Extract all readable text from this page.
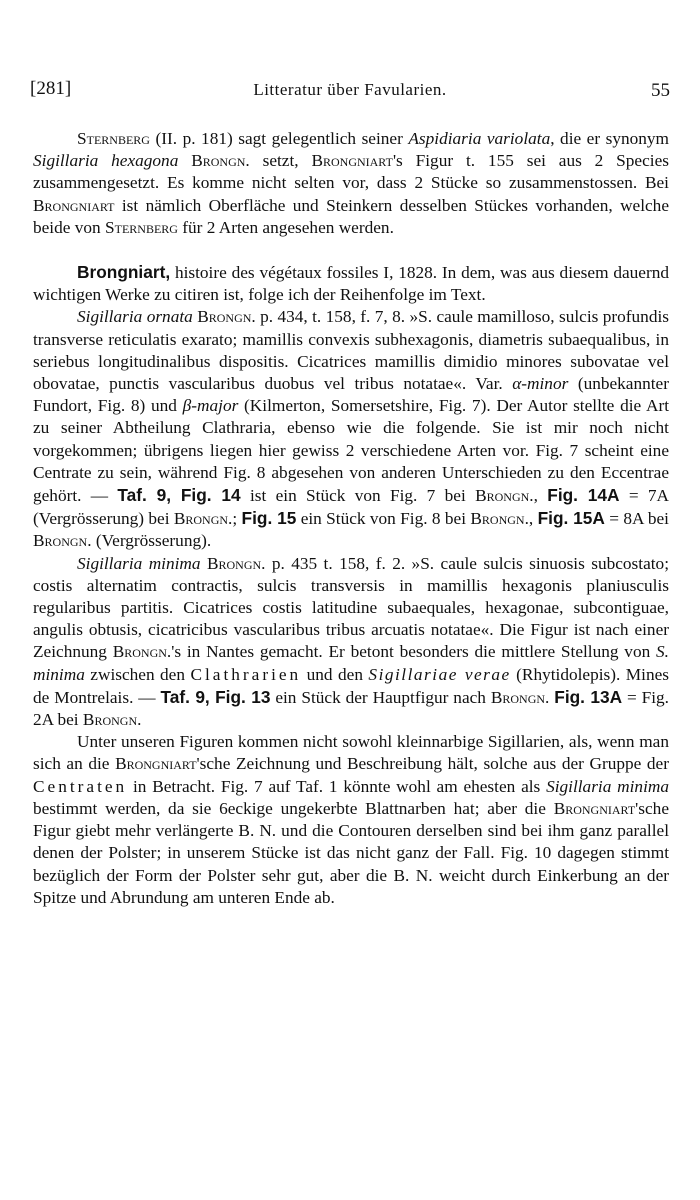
[281]	Litteratur über Favularien.	55

Sternberg (II. p. 181) sagt gelegentlich seiner Aspidiaria variolata, die er synonym Sigillaria hexagona Brongn. setzt, Brongniart's Figur t. 155 sei aus 2 Species zusammengesetzt. Es komme nicht selten vor, dass 2 Stücke so zusammenstossen. Bei Brongniart ist nämlich Oberfläche und Steinkern desselben Stückes vorhanden, welche beide von Sternberg für 2 Arten angesehen werden.

Brongniart, histoire des végétaux fossiles I, 1828. In dem, was aus diesem dauernd wichtigen Werke zu citiren ist, folge ich der Reihenfolge im Text.

Sigillaria ornata Brongn. p. 434, t. 158, f. 7, 8. »S. caule mamilloso, sulcis profundis transverse reticulatis exarato; mamillis convexis subhexagonis, diametris subaequalibus, in seriebus longitudinalibus dispositis. Cicatrices mamillis dimidio minores subovatae vel obovatae, punctis vascularibus duobus vel tribus notatae«. Var. α-minor (unbekannter Fundort, Fig. 8) und β-major (Kilmerton, Somersetshire, Fig. 7). Der Autor stellte die Art zu seiner Abtheilung Clathraria, ebenso wie die folgende. Sie ist mir noch nicht vorgekommen; übrigens liegen hier gewiss 2 verschiedene Arten vor. Fig. 7 scheint eine Centrate zu sein, während Fig. 8 abgesehen von anderen Unterschieden zu den Eccentrae gehört. — Taf. 9, Fig. 14 ist ein Stück von Fig. 7 bei Brongn., Fig. 14A = 7A (Vergrösserung) bei Brongn.; Fig. 15 ein Stück von Fig. 8 bei Brongn., Fig. 15A = 8A bei Brongn. (Vergrösserung).

Sigillaria minima Brongn. p. 435 t. 158, f. 2. »S. caule sulcis sinuosis subcostato; costis alternatim contractis, sulcis transversis in mamillis hexagonis planiusculis regularibus partitis. Cicatrices costis latitudine subaequales, hexagonae, subcontiguae, angulis obtusis, cicatricibus vascularibus tribus arcuatis notatae«. Die Figur ist nach einer Zeichnung Brongn.'s in Nantes gemacht. Er betont besonders die mittlere Stellung von S. minima zwischen den Clathrarien und den Sigillariae verae (Rhytidolepis). Mines de Montrelais. — Taf. 9, Fig. 13 ein Stück der Hauptfigur nach Brongn. Fig. 13A = Fig. 2A bei Brongn.

Unter unseren Figuren kommen nicht sowohl kleinnarbige Sigillarien, als, wenn man sich an die Brongniart'sche Zeichnung und Beschreibung hält, solche aus der Gruppe der Centraten in Betracht. Fig. 7 auf Taf. 1 könnte wohl am ehesten als Sigillaria minima bestimmt werden, da sie 6eckige ungekerbte Blattnarben hat; aber die Brongniart'sche Figur giebt mehr verlängerte B. N. und die Contouren derselben sind bei ihm ganz parallel denen der Polster; in unserem Stücke ist das nicht ganz der Fall. Fig. 10 dagegen stimmt bezüglich der Form der Polster sehr gut, aber die B. N. weicht durch Einkerbung an der Spitze und Abrundung am unteren Ende ab.
